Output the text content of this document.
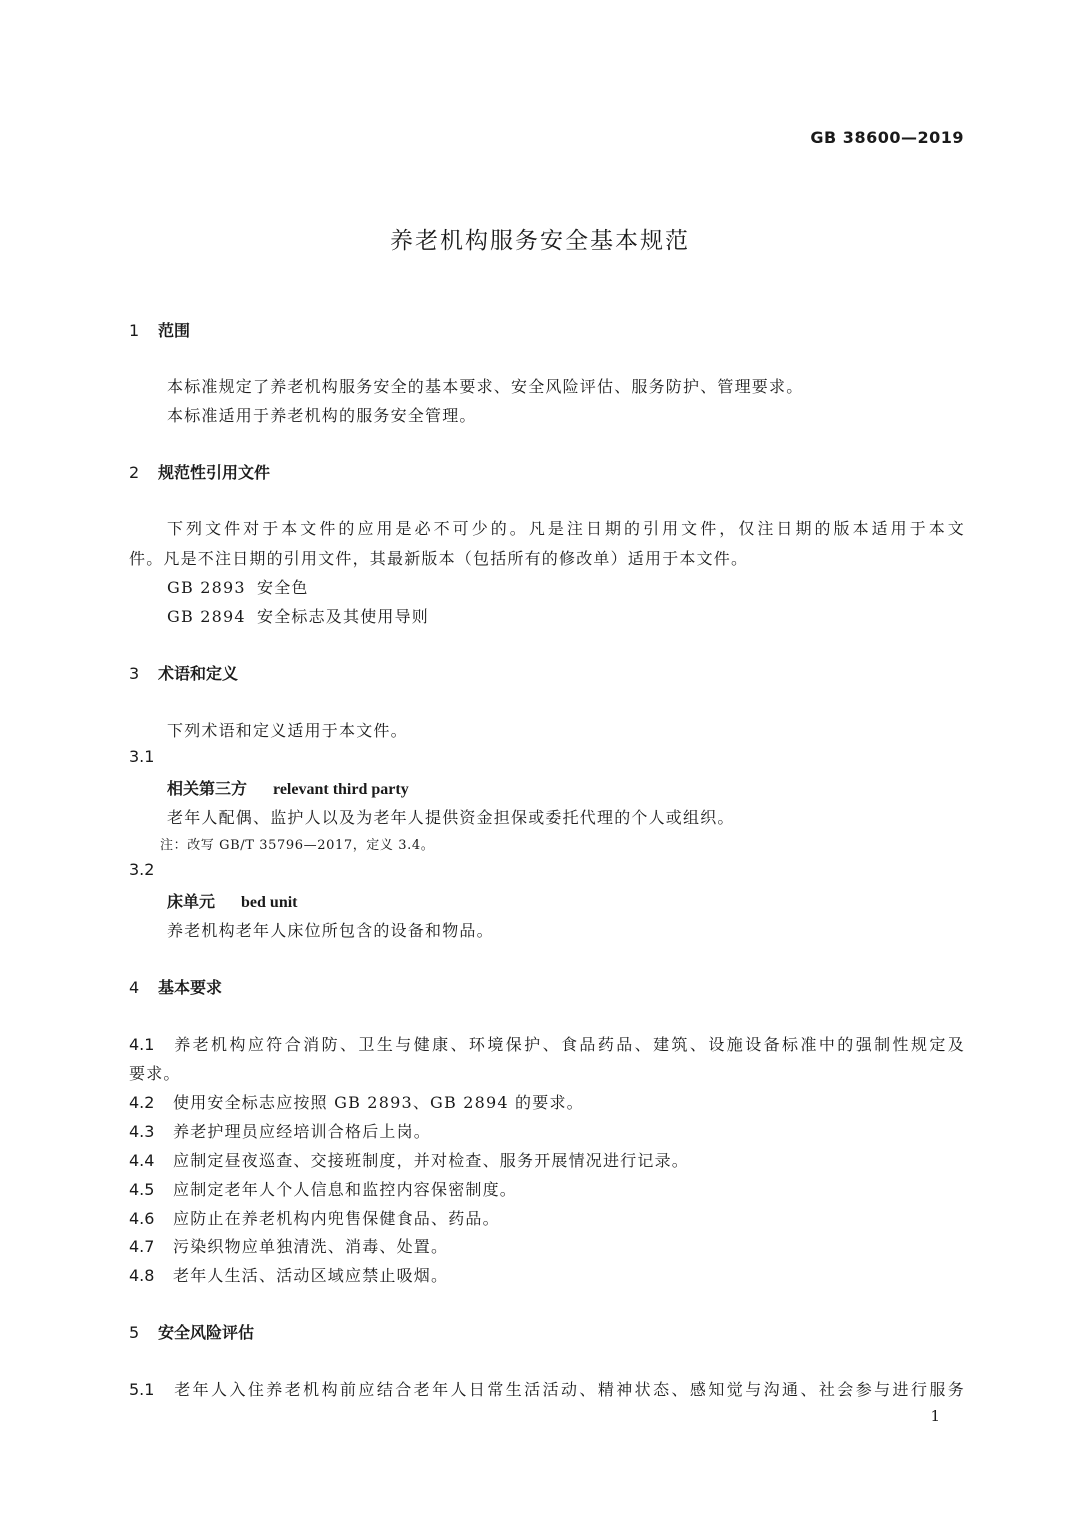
GB 38600—2019
养老机构服务安全基本规范
1 范围
本标准规定了养老机构服务安全的基本要求、安全风险评估、服务防护、管理要求。
本标准适用于养老机构的服务安全管理。
2 规范性引用文件
下列文件对于本文件的应用是必不可少的。凡是注日期的引用文件，仅注日期的版本适用于本文
件。凡是不注日期的引用文件，其最新版本（包括所有的修改单）适用于本文件。
GB 2893 安全色
GB 2894 安全标志及其使用导则
3 术语和定义
下列术语和定义适用于本文件。
3.1
相关第三方 relevant third party
老年人配偶、监护人以及为老年人提供资金担保或委托代理的个人或组织。
注：改写 GB/T 35796—2017，定义 3.4。
3.2
床单元 bed unit
养老机构老年人床位所包含的设备和物品。
4 基本要求
4.1 养老机构应符合消防、卫生与健康、环境保护、食品药品、建筑、设施设备标准中的强制性规定及
要求。
4.2 使用安全标志应按照 GB 2893、GB 2894 的要求。
4.3 养老护理员应经培训合格后上岗。
4.4 应制定昼夜巡查、交接班制度，并对检查、服务开展情况进行记录。
4.5 应制定老年人个人信息和监控内容保密制度。
4.6 应防止在养老机构内兜售保健食品、药品。
4.7 污染织物应单独清洗、消毒、处置。
4.8 老年人生活、活动区域应禁止吸烟。
5 安全风险评估
5.1 老年人入住养老机构前应结合老年人日常生活活动、精神状态、感知觉与沟通、社会参与进行服务
1
